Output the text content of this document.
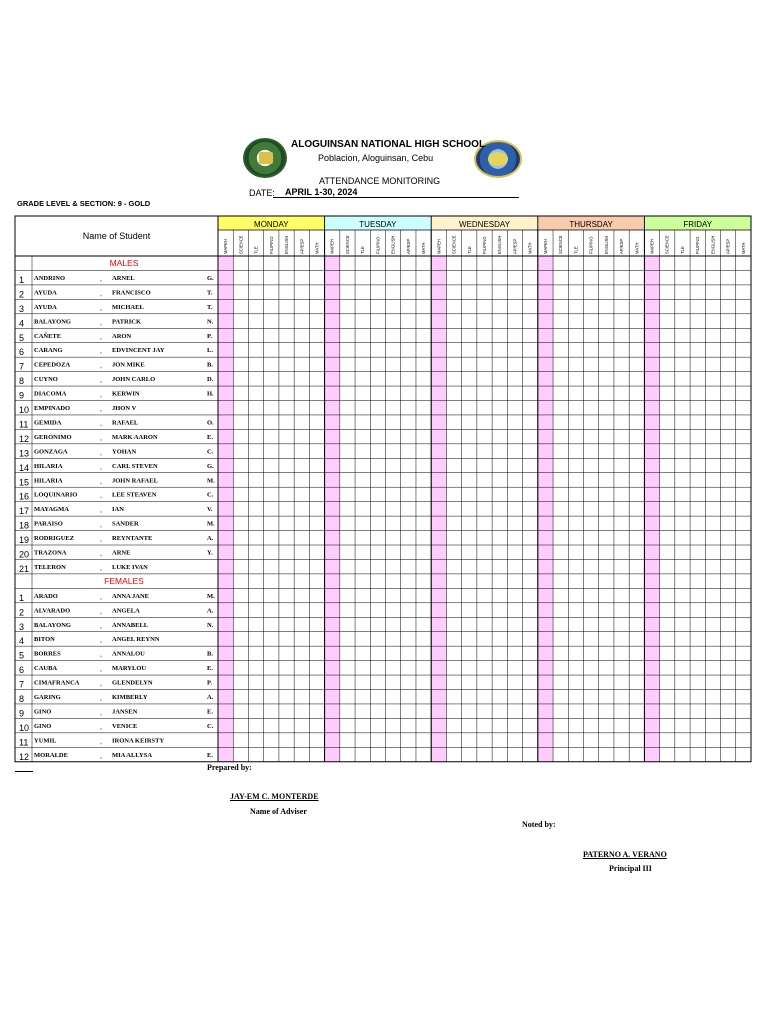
ALOGUINSAN NATIONAL HIGH SCHOOL
Poblacion, Aloguinsan, Cebu
ATTENDANCE MONITORING
DATE:	APRIL 1-30, 2024
GRADE LEVEL & SECTION: 9 - GOLD
Name of Student
MONDAY
MAPEH SCIENCE TLE FILIPINO ENGLISH AP/ESP MATH
TUESDAY
MAPEH SCIENCE TLE FILIPINO ENGLISH AP/ESP MATH
WEDNESDAY
MAPEH SCIENCE TLE FILIPINO ENGLISH AP/ESP MATH
THURSDAY
MAPEH SCIENCE TLE FILIPINO ENGLISH AP/ESP MATH
FRIDAY
MAPEH SCIENCE TLE FILIPINO ENGLISH AP/ESP MATH
MALES
1 ANDRINO	, ARNEL	G.
2 AYUDA	, FRANCISCO	T.
3 AYUDA	, MICHAEL	T.
4 BALAYONG	, PATRICK	N.
5 CAÑETE	, ARON	P.
6 CARANG	, EDVINCENT JAY	L.
7 CEPEDOZA	, JON MIKE	B.
8 CUYNO	, JOHN CARLO	D.
9 DIACOMA	, KERWIN	H.
10 EMPINADO	, JHON V
11 GEMIDA	, RAFAEL	O.
12 GERONIMO	, MARK AARON	E.
13 GONZAGA	, YOHAN	C.
14 HILARIA	, CARL STEVEN	G.
15 HILARIA	, JOHN RAFAEL	M.
16 LOQUINARIO	, LEE STEAVEN	C.
17 MAYAGMA	, IAN	V.
18 PARAISO	, SANDER	M.
19 RODRIGUEZ	, REYNTANTE	A.
20 TRAZONA	, ARNE	Y.
21 TELERON	, LUKE IVAN
FEMALES
1 ARADO	, ANNA JANE	M.
2 ALVARADO	, ANGELA	A.
3 BALAYONG	, ANNABELL	N.
4 BITON	, ANGEL REYNN
5 BORRES	, ANNALOU	B.
6 CAUBA	, MARYLOU	E.
7 CIMAFRANCA	, GLENDELYN	P.
8 GARING	, KIMBERLY	A.
9 GINO	, JANSEN	E.
10 GINO	, VENICE	C.
11 YUMIL	, IRONA KEIRSTY
12 MORALDE	, MIA ALLYSA	E.
Prepared by:
JAY-EM C. MONTERDE
Name of Adviser
Noted by:
PATERNO A. VERANO
Principal III
